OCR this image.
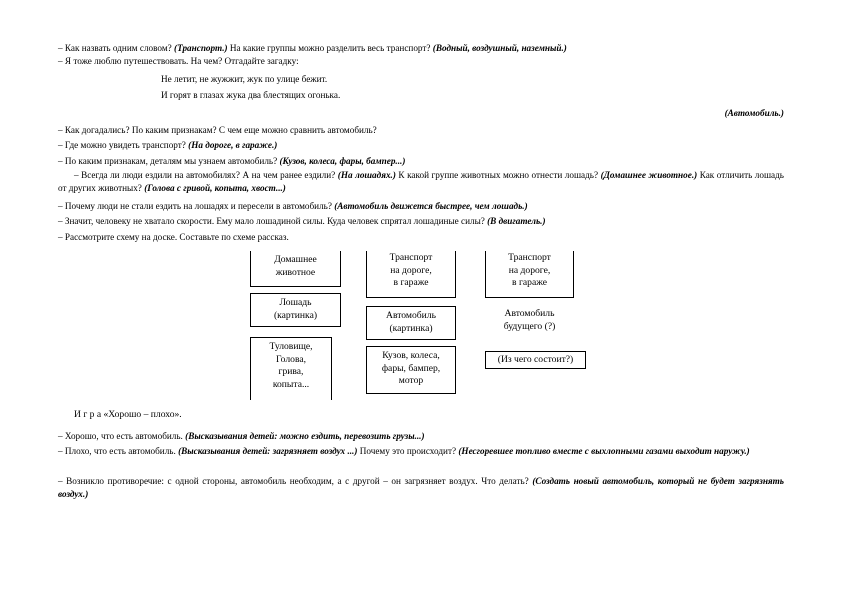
– Как назвать одним словом? (Транспорт.) На какие группы можно разделить весь транспорт? (Водный, воздушный, наземный.)

– Я тоже люблю путешествовать. На чем? Отгадайте загадку:

Не летит, не жужжит, жук по улице бежит.
И горят в глазах жука два блестящих огонька.
(Автомобиль.)

– Как догадались? По каким признакам? С чем еще можно сравнить автомобиль?

– Где можно увидеть транспорт? (На дороге, в гараже.)

– По каким признакам, деталям мы узнаем автомобиль? (Кузов, колеса, фары, бампер...)

– Всегда ли люди ездили на автомобилях? А на чем ранее ездили? (На лошадях.) К какой группе животных можно отнести лошадь? (Домашнее животное.) Как отличить лошадь от других животных? (Голова с гривой, копыта, хвост...)

– Почему люди не стали ездить на лошадях и пересели в автомобиль? (Автомобиль движется быстрее, чем лошадь.)

– Значит, человеку не хватало скорости. Ему мало лошадиной силы. Куда человек спрятал лошадиные силы? (В двигатель.)

– Рассмотрите схему на доске. Составьте по схеме рассказ.

Домашнее
животное
Лошадь
(картинка)
Туловище,
Голова,
грива,
копыта...
Транспорт
на дороге,
в гараже
Автомобиль
(картинка)
Кузов, колеса,
фары, бампер,
мотор
Транспорт
на дороге,
в гараже
Автомобиль
будущего (?)
(Из чего состоит?)
И г р а «Хорошо – плохо».

– Хорошо, что есть автомобиль. (Высказывания детей: можно ездить, перевозить грузы...)

– Плохо, что есть автомобиль. (Высказывания детей: загрязняет воздух ...) Почему это происходит? (Несгоревшее топливо вместе с выхлопными газами выходит наружу.)

– Возникло противоречие: с одной стороны, автомобиль необходим, а с другой – он загрязняет воздух. Что делать? (Создать новый автомобиль, который не будет загрязнять воздух.)
